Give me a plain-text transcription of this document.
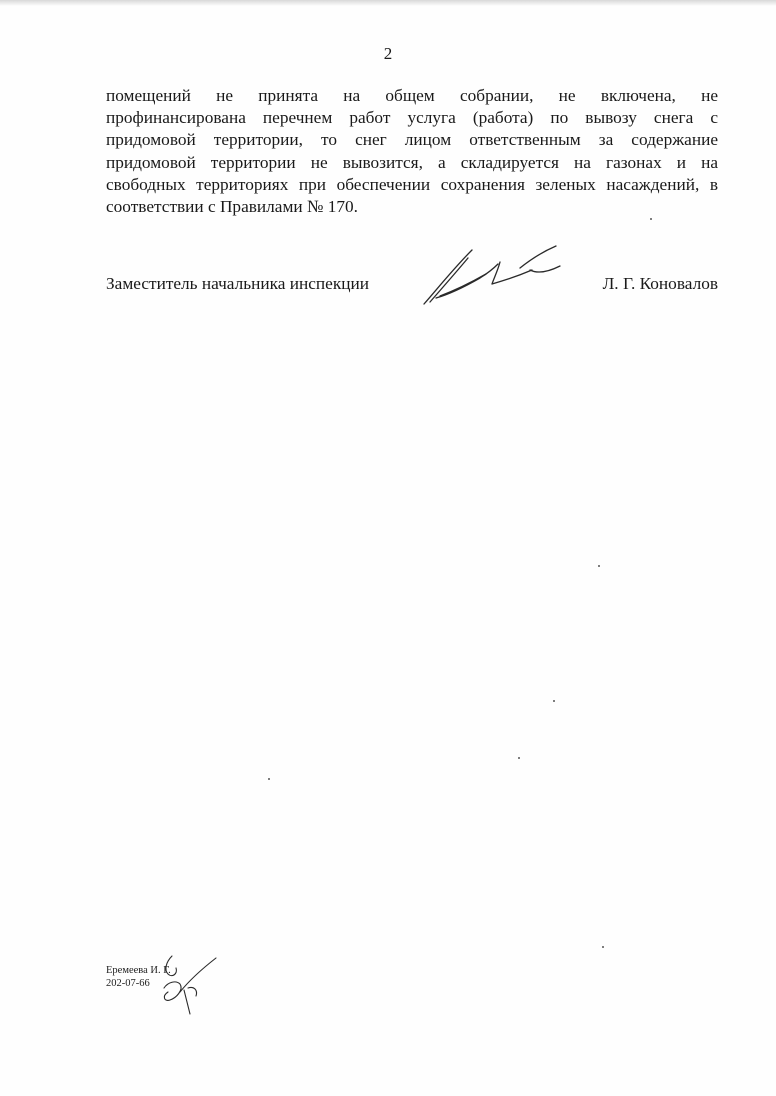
2
помещений не принята на общем собрании, не включена, не
профинансирована перечнем работ услуга (работа) по вывозу снега с
придомовой территории, то снег лицом ответственным за содержание
придомовой территории не вывозится, а складируется на газонах и на
свободных территориях при обеспечении сохранения зеленых насаждений, в
соответствии с Правилами № 170.
Заместитель начальника инспекции	Л. Г. Коновалов
Еремеева И. Г.
202-07-66
